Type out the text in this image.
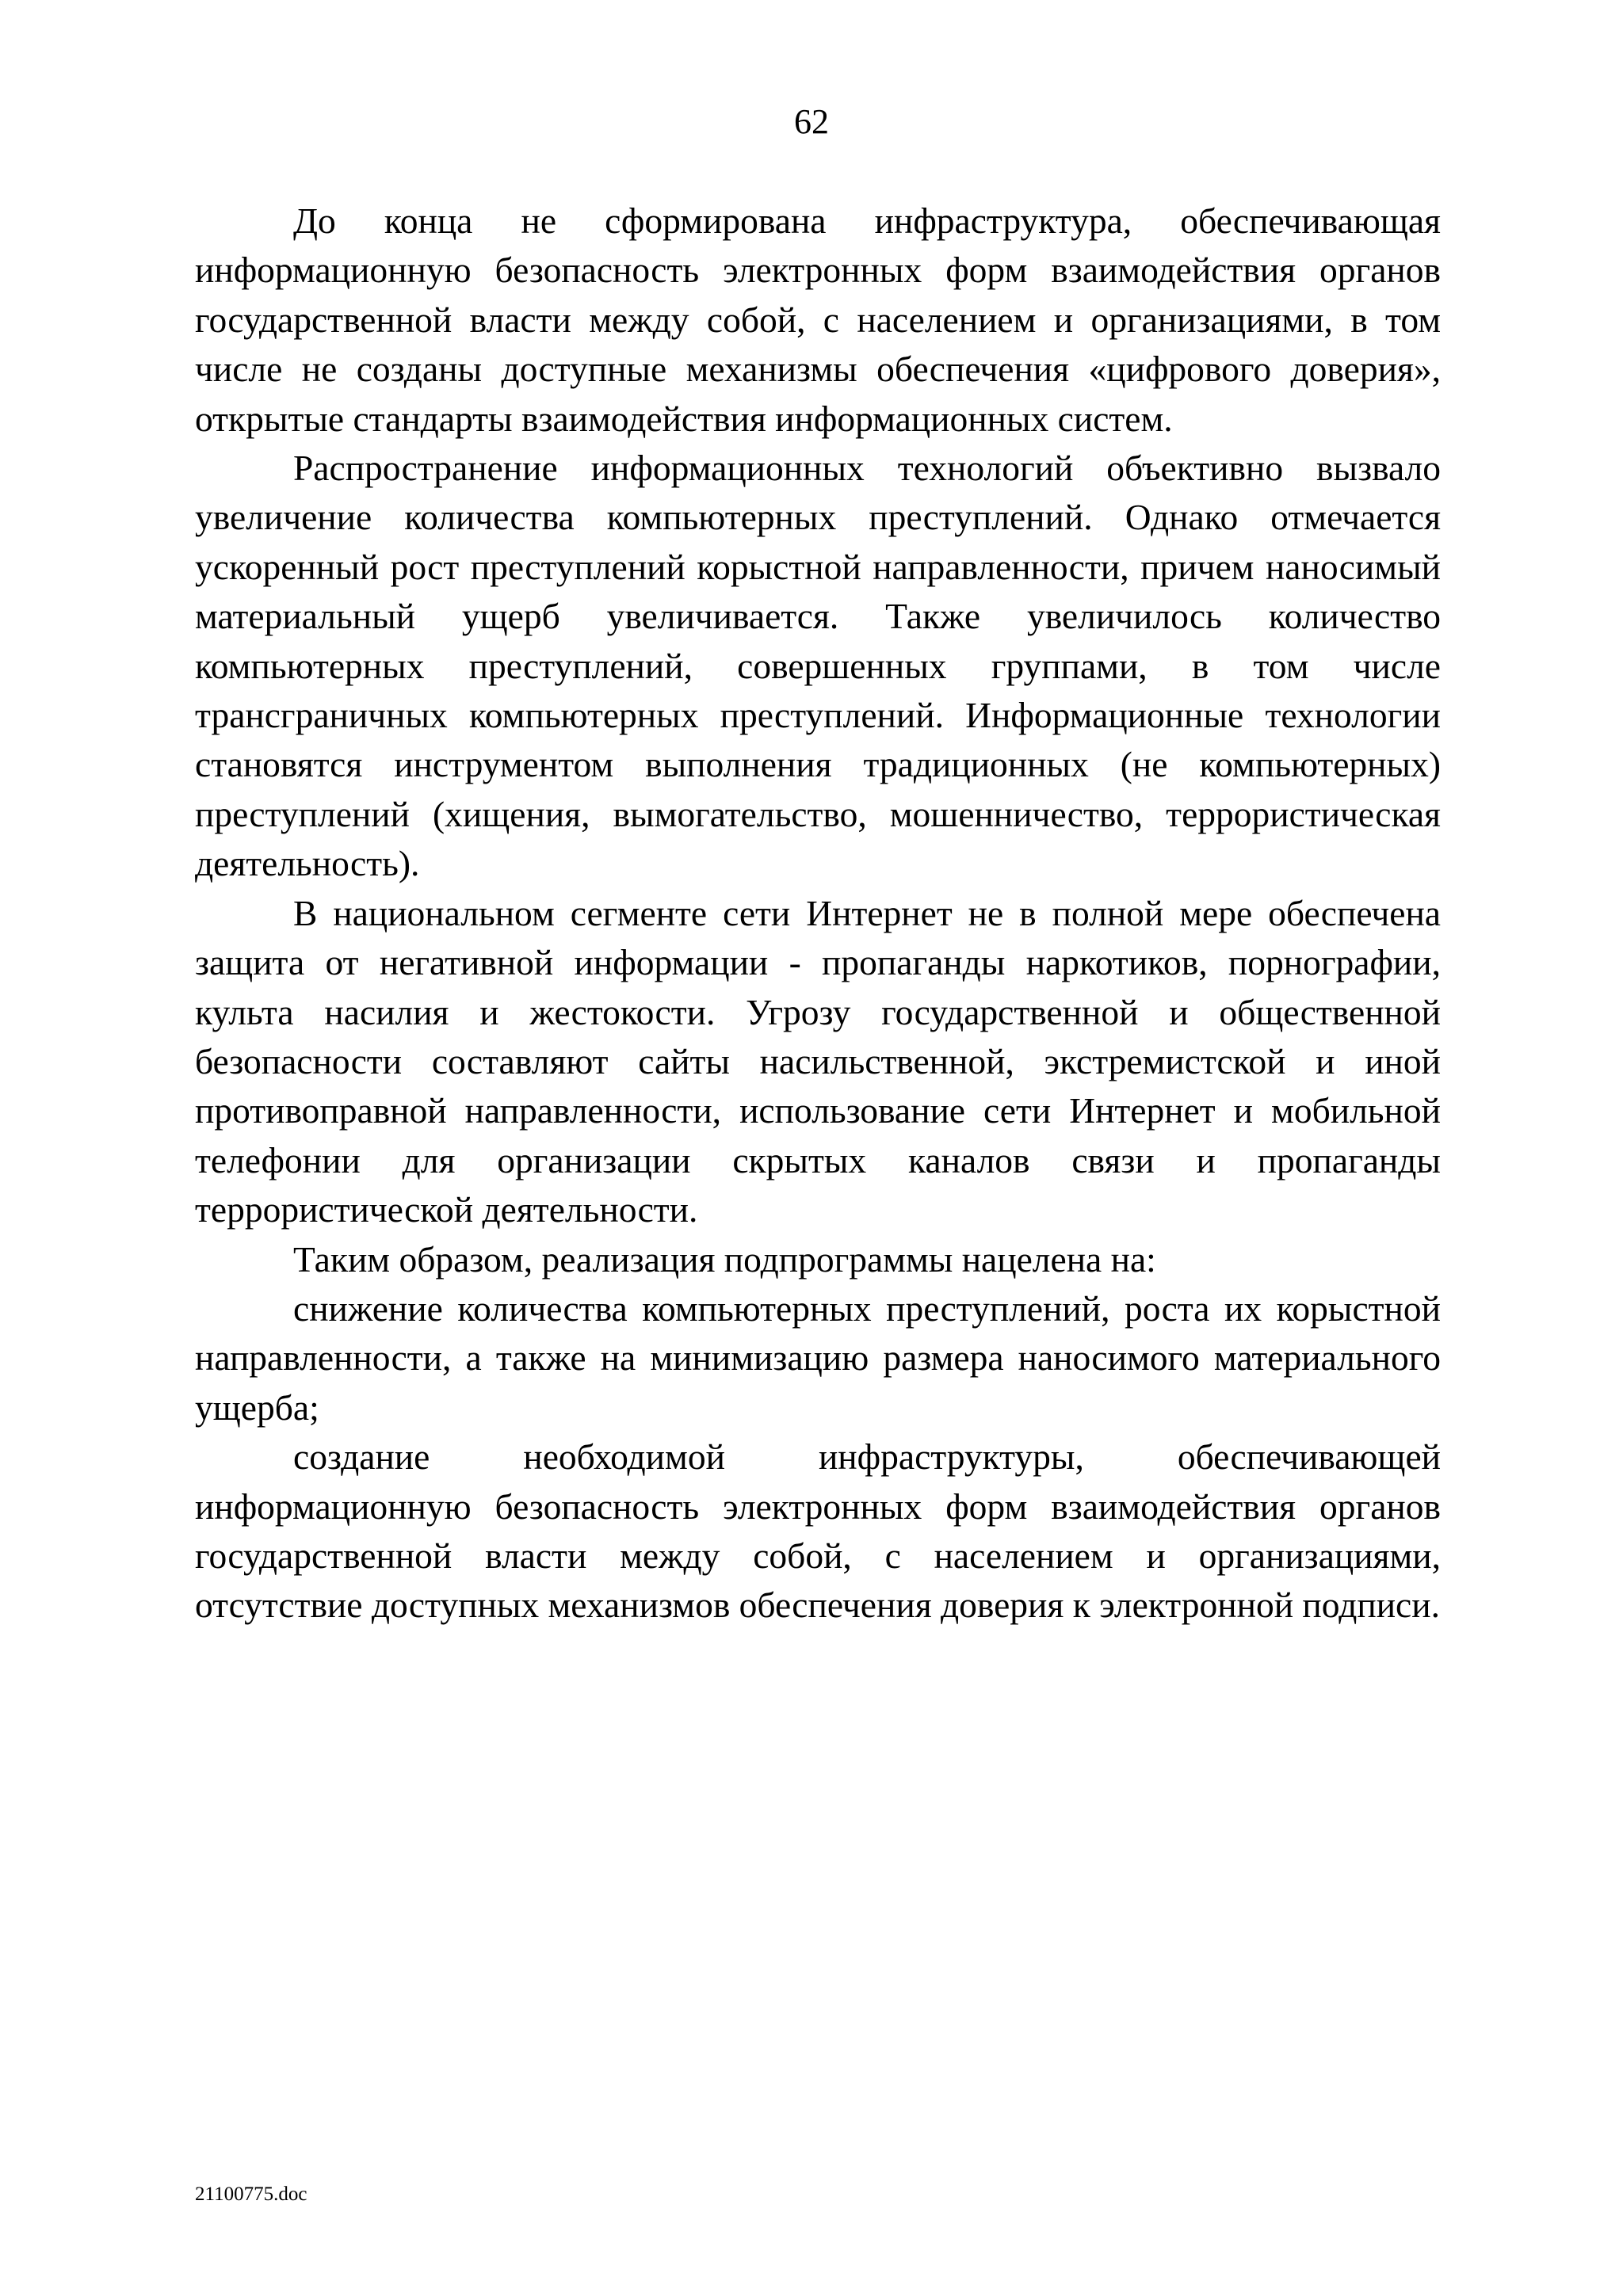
62

До конца не сформирована инфраструктура, обеспечивающая информационную безопасность электронных форм взаимодействия органов государственной власти между собой, с населением и организациями, в том числе не созданы доступные механизмы обеспечения «цифрового доверия», открытые стандарты взаимодействия информационных систем.

Распространение информационных технологий объективно вызвало увеличение количества компьютерных преступлений. Однако отмечается ускоренный рост преступлений корыстной направленности, причем наносимый материальный ущерб увеличивается. Также увеличилось количество компьютерных преступлений, совершенных группами, в том числе трансграничных компьютерных преступлений. Информационные технологии становятся инструментом выполнения традиционных (не компьютерных) преступлений (хищения, вымогательство, мошенничество, террористическая деятельность).

В национальном сегменте сети Интернет не в полной мере обеспечена защита от негативной информации - пропаганды наркотиков, порнографии, культа насилия и жестокости. Угрозу государственной и общественной безопасности составляют сайты насильственной, экстремистской и иной противоправной направленности, использование сети Интернет и мобильной телефонии для организации скрытых каналов связи и пропаганды террористической деятельности.

Таким образом, реализация подпрограммы нацелена на:

снижение количества компьютерных преступлений, роста их корыстной направленности, а также на минимизацию размера наносимого материального ущерба;

создание необходимой инфраструктуры, обеспечивающей информационную безопасность электронных форм взаимодействия органов государственной власти между собой, с населением и организациями, отсутствие доступных механизмов обеспечения доверия к электронной подписи.

21100775.doc
